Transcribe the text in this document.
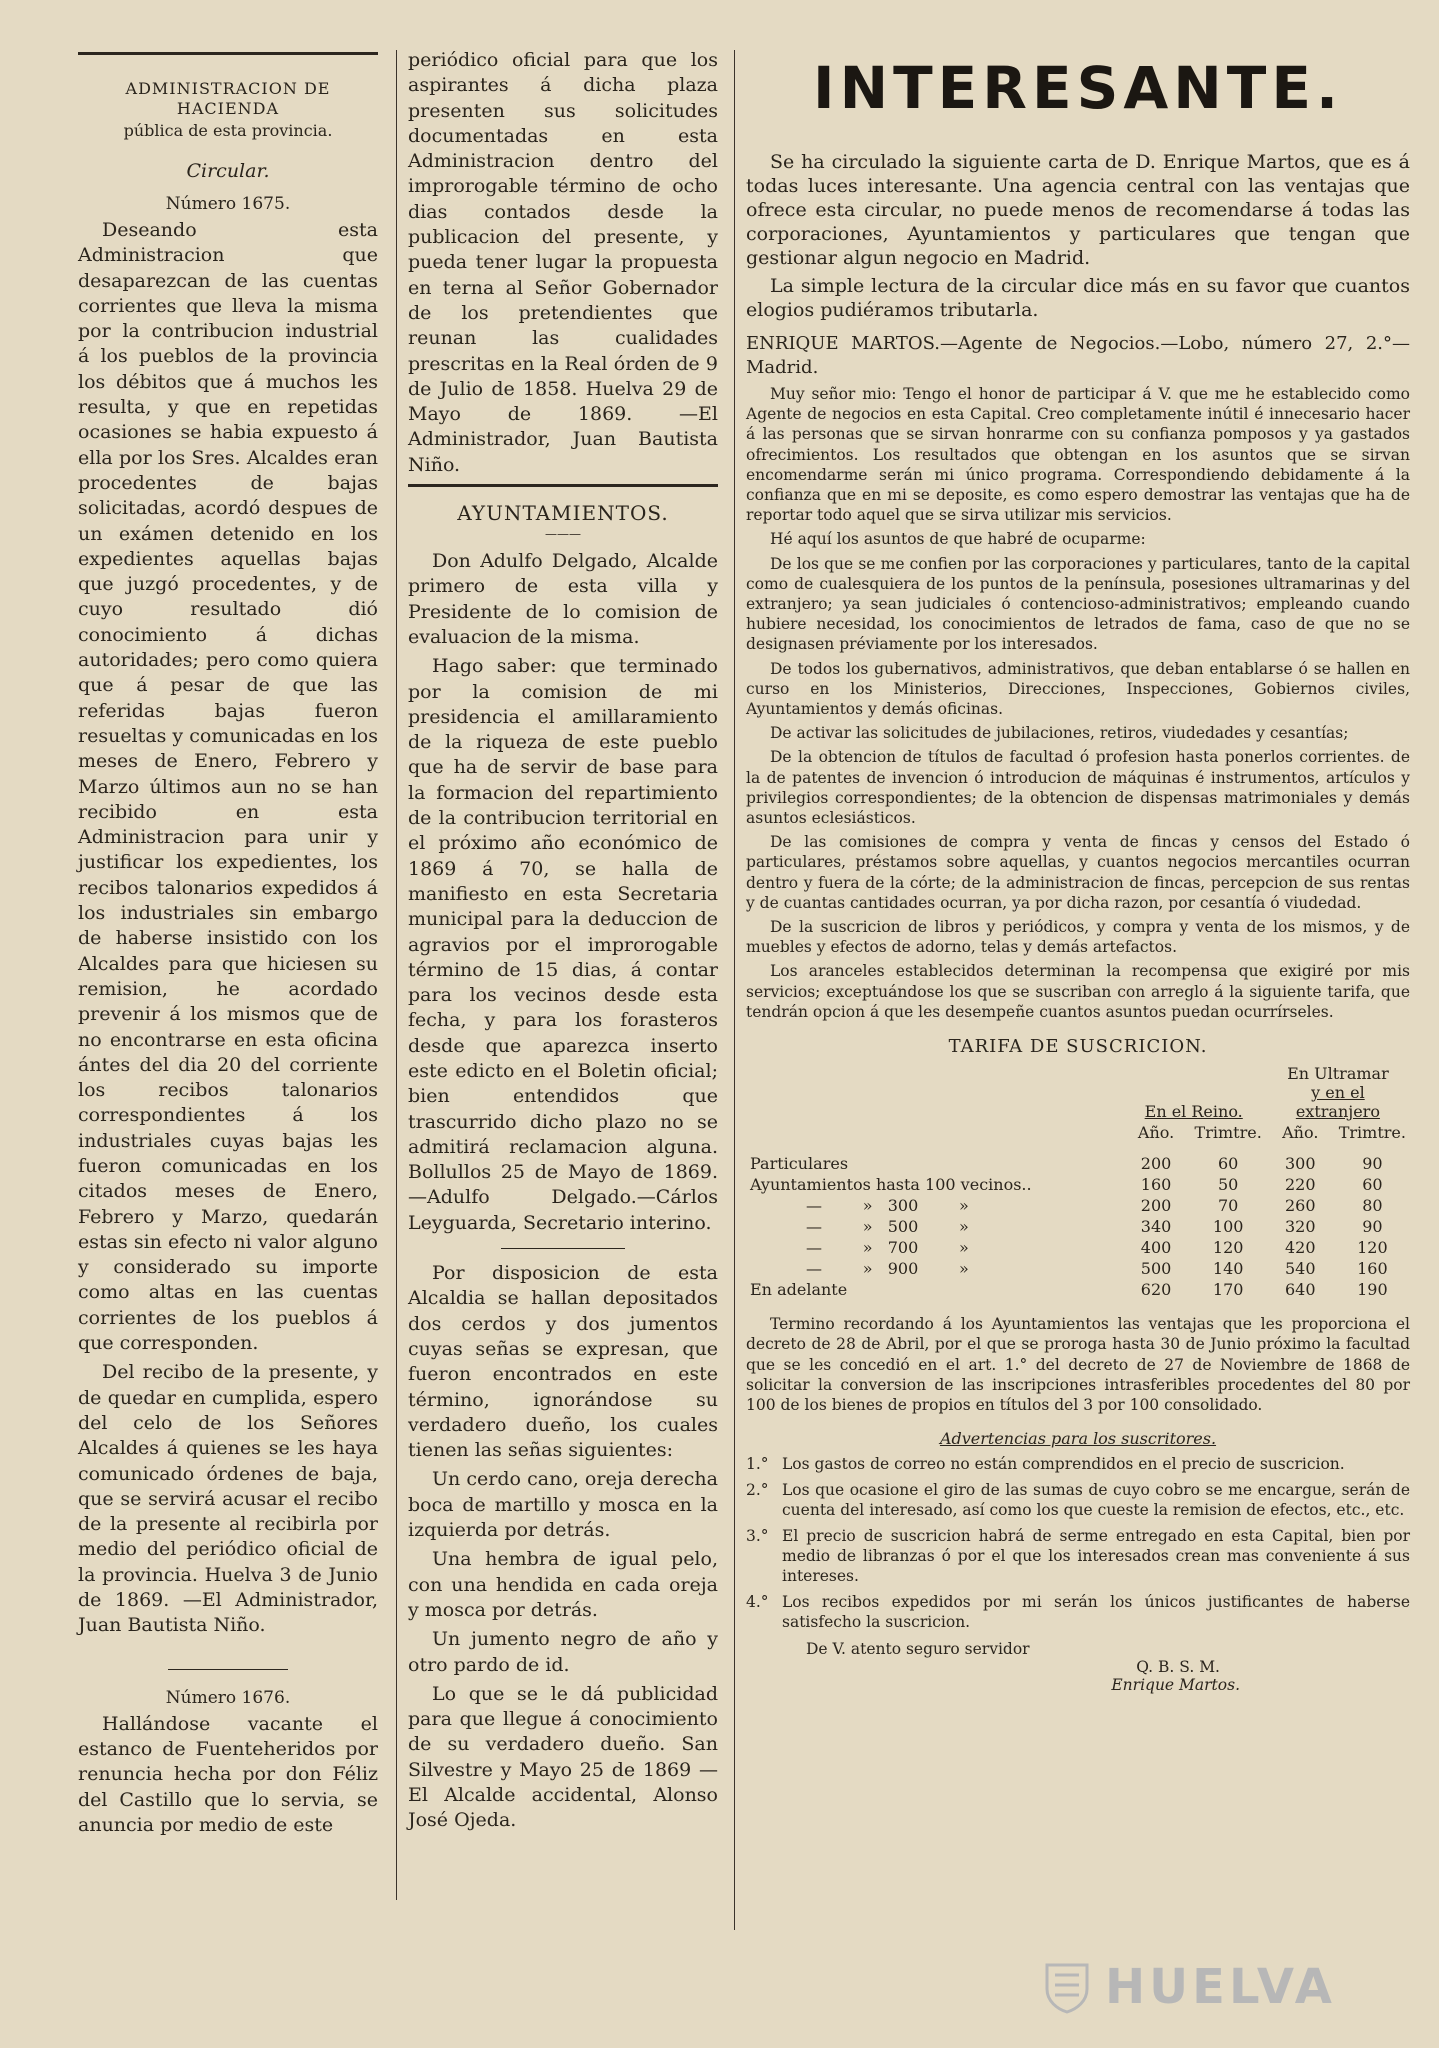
ADMINISTRACION DE HACIENDA
pública de esta provincia.
Circular.
Número 1675.

Deseando esta Administracion que desaparezcan de las cuentas corrientes que lleva la misma por la contribucion industrial á los pueblos de la provincia los débitos que á muchos les resulta, y que en repetidas ocasiones se habia expuesto á ella por los Sres. Alcaldes eran procedentes de bajas solicitadas, acordó despues de un exámen detenido en los expedientes aquellas bajas que juzgó procedentes, y de cuyo resultado dió conocimiento á dichas autoridades; pero como quiera que á pesar de que las referidas bajas fueron resueltas y comunicadas en los meses de Enero, Febrero y Marzo últimos aun no se han recibido en esta Administracion para unir y justificar los expedientes, los recibos talonarios expedidos á los industriales sin embargo de haberse insistido con los Alcaldes para que hiciesen su remision, he acordado prevenir á los mismos que de no encontrarse en esta oficina ántes del dia 20 del corriente los recibos talonarios correspondientes á los industriales cuyas bajas les fueron comunicadas en los citados meses de Enero, Febrero y Marzo, quedarán estas sin efecto ni valor alguno y considerado su importe como altas en las cuentas corrientes de los pueblos á que corresponden.

Del recibo de la presente, y de quedar en cumplida, espero del celo de los Señores Alcaldes á quienes se les haya comunicado órdenes de baja, que se servirá acusar el recibo de la presente al recibirla por medio del periódico oficial de la provincia. Huelva 3 de Junio de 1869. —El Administrador, Juan Bautista Niño.

Número 1676.

Hallándose vacante el estanco de Fuenteheridos por renuncia hecha por don Féliz del Castillo que lo servia, se anuncia por medio de este

periódico oficial para que los aspirantes á dicha plaza presenten sus solicitudes documentadas en esta Administracion dentro del improrogable término de ocho dias contados desde la publicacion del presente, y pueda tener lugar la propuesta en terna al Señor Gobernador de los pretendientes que reunan las cualidades prescritas en la Real órden de 9 de Julio de 1858. Huelva 29 de Mayo de 1869. —El Administrador, Juan Bautista Niño.

AYUNTAMIENTOS.
———

Don Adulfo Delgado, Alcalde primero de esta villa y Presidente de lo comision de evaluacion de la misma.

Hago saber: que terminado por la comision de mi presidencia el amillaramiento de la riqueza de este pueblo que ha de servir de base para la formacion del repartimiento de la contribucion territorial en el próximo año económico de 1869 á 70, se halla de manifiesto en esta Secretaria municipal para la deduccion de agravios por el improrogable término de 15 dias, á contar para los vecinos desde esta fecha, y para los forasteros desde que aparezca inserto este edicto en el Boletin oficial; bien entendidos que trascurrido dicho plazo no se admitirá reclamacion alguna. Bollullos 25 de Mayo de 1869.—Adulfo Delgado.—Cárlos Leyguarda, Secretario interino.

Por disposicion de esta Alcaldia se hallan depositados dos cerdos y dos jumentos cuyas señas se expresan, que fueron encontrados en este término, ignorándose su verdadero dueño, los cuales tienen las señas siguientes:

Un cerdo cano, oreja derecha boca de martillo y mosca en la izquierda por detrás.

Una hembra de igual pelo, con una hendida en cada oreja y mosca por detrás.

Un jumento negro de año y otro pardo de id.

Lo que se le dá publicidad para que llegue á conocimiento de su verdadero dueño. San Silvestre y Mayo 25 de 1869 —El Alcalde accidental, Alonso José Ojeda.

INTERESANTE.

Se ha circulado la siguiente carta de D. Enrique Martos, que es á todas luces interesante. Una agencia central con las ventajas que ofrece esta circular, no puede menos de recomendarse á todas las corporaciones, Ayuntamientos y particulares que tengan que gestionar algun negocio en Madrid.

La simple lectura de la circular dice más en su favor que cuantos elogios pudiéramos tributarla.

ENRIQUE MARTOS.—Agente de Negocios.—Lobo, número 27, 2.°—Madrid.

Muy señor mio: Tengo el honor de participar á V. que me he establecido como Agente de negocios en esta Capital. Creo completamente inútil é innecesario hacer á las personas que se sirvan honrarme con su confianza pomposos y ya gastados ofrecimientos. Los resultados que obtengan en los asuntos que se sirvan encomendarme serán mi único programa. Correspondiendo debidamente á la confianza que en mi se deposite, es como espero demostrar las ventajas que ha de reportar todo aquel que se sirva utilizar mis servicios.

Hé aquí los asuntos de que habré de ocuparme:

De los que se me confien por las corporaciones y particulares, tanto de la capital como de cualesquiera de los puntos de la península, posesiones ultramarinas y del extranjero; ya sean judiciales ó contencioso-administrativos; empleando cuando hubiere necesidad, los conocimientos de letrados de fama, caso de que no se designasen préviamente por los interesados.

De todos los gubernativos, administrativos, que deban entablarse ó se hallen en curso en los Ministerios, Direcciones, Inspecciones, Gobiernos civiles, Ayuntamientos y demás oficinas.

De activar las solicitudes de jubilaciones, retiros, viudedades y cesantías;

De la obtencion de títulos de facultad ó profesion hasta ponerlos corrientes. de la de patentes de invencion ó introducion de máquinas é instrumentos, artículos y privilegios correspondientes; de la obtencion de dispensas matrimoniales y demás asuntos eclesiásticos.

De las comisiones de compra y venta de fincas y censos del Estado ó particulares, préstamos sobre aquellas, y cuantos negocios mercantiles ocurran dentro y fuera de la córte; de la administracion de fincas, percepcion de sus rentas y de cuantas cantidades ocurran, ya por dicha razon, por cesantía ó viudedad.

De la suscricion de libros y periódicos, y compra y venta de los mismos, y de muebles y efectos de adorno, telas y demás artefactos.

Los aranceles establecidos determinan la recompensa que exigiré por mis servicios; exceptuándose los que se suscriban con arreglo á la siguiente tarifa, que tendrán opcion á que les desempeñe cuantos asuntos puedan ocurrírseles.

TARIFA DE SUSCRICION.
	En el Reino.		En Ultramar
y en el extranjero	

	Año.	Trimtre.	Año.	Trimtre.

Particulares	200	60	300	90
Ayuntamientos hasta 100 vecinos..	160	50	220	60
—        »   300        »	200	70	260	80
—        »   500        »	340	100	320	90
—        »   700        »	400	120	420	120
—        »   900        »	500	140	540	160
En adelante	620	170	640	190

Termino recordando á los Ayuntamientos las ventajas que les proporciona el decreto de 28 de Abril, por el que se proroga hasta 30 de Junio próximo la facultad que se les concedió en el art. 1.° del decreto de 27 de Noviembre de 1868 de solicitar la conversion de las inscripciones intrasferibles procedentes del 80 por 100 de los bienes de propios en títulos del 3 por 100 consolidado.

Advertencias para los suscritores.
1.° Los gastos de correo no están comprendidos en el precio de suscricion.
2.° Los que ocasione el giro de las sumas de cuyo cobro se me encargue, serán de cuenta del interesado, así como los que cueste la remision de efectos, etc., etc.
3.° El precio de suscricion habrá de serme entregado en esta Capital, bien por medio de libranzas ó por el que los interesados crean mas conveniente á sus intereses.
4.° Los recibos expedidos por mi serán los únicos justificantes de haberse satisfecho la suscricion.
De V. atento seguro servidor
Q. B. S. M.
Enrique Martos.
HUELVA
